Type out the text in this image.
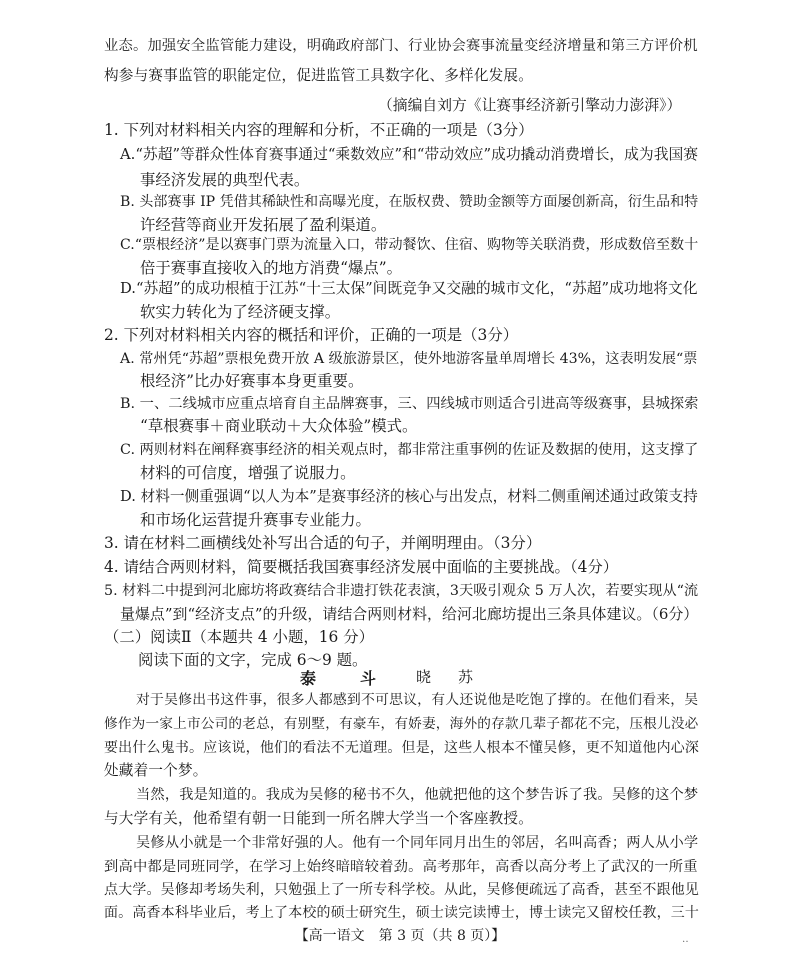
业态。加强安全监管能力建设，明确政府部门、行业协会赛事流量变经济增量和第三方评价机
构参与赛事监管的职能定位，促进监管工具数字化、多样化发展。
（摘编自刘方《让赛事经济新引擎动力澎湃》）
1. 下列对材料相关内容的理解和分析，不正确的一项是（3分）
A.“苏超”等群众性体育赛事通过“乘数效应”和“带动效应”成功撬动消费增长，成为我国赛
事经济发展的典型代表。
B. 头部赛事 IP 凭借其稀缺性和高曝光度，在版权费、赞助金额等方面屡创新高，衍生品和特
许经营等商业开发拓展了盈利渠道。
C.“票根经济”是以赛事门票为流量入口，带动餐饮、住宿、购物等关联消费，形成数倍至数十
倍于赛事直接收入的地方消费“爆点”。
D.“苏超”的成功根植于江苏“十三太保”间既竞争又交融的城市文化，“苏超”成功地将文化
软实力转化为了经济硬支撑。
2. 下列对材料相关内容的概括和评价，正确的一项是（3分）
A. 常州凭“苏超”票根免费开放 A 级旅游景区，使外地游客量单周增长 43%，这表明发展“票
根经济”比办好赛事本身更重要。
B. 一、二线城市应重点培育自主品牌赛事，三、四线城市则适合引进高等级赛事，县城探索
“草根赛事＋商业联动＋大众体验”模式。
C. 两则材料在阐释赛事经济的相关观点时，都非常注重事例的佐证及数据的使用，这支撑了
材料的可信度，增强了说服力。
D. 材料一侧重强调“以人为本”是赛事经济的核心与出发点，材料二侧重阐述通过政策支持
和市场化运营提升赛事专业能力。
3. 请在材料二画横线处补写出合适的句子，并阐明理由。（3分）
4. 请结合两则材料，简要概括我国赛事经济发展中面临的主要挑战。（4分）
5. 材料二中提到河北廊坊将政赛结合非遗打铁花表演，3天吸引观众 5 万人次，若要实现从“流
量爆点”到“经济支点”的升级，请结合两则材料，给河北廊坊提出三条具体建议。（6分）
（二）阅读Ⅱ（本题共 4 小题，16 分）
阅读下面的文字，完成 6～9 题。
泰　斗 晓　苏
对于吴修出书这件事，很多人都感到不可思议，有人还说他是吃饱了撑的。在他们看来，吴
修作为一家上市公司的老总，有别墅，有豪车，有娇妻，海外的存款几辈子都花不完，压根儿没必
要出什么鬼书。应该说，他们的看法不无道理。但是，这些人根本不懂吴修，更不知道他内心深
处藏着一个梦。
当然，我是知道的。我成为吴修的秘书不久，他就把他的这个梦告诉了我。吴修的这个梦
与大学有关，他希望有朝一日能到一所名牌大学当一个客座教授。
吴修从小就是一个非常好强的人。他有一个同年同月出生的邻居，名叫高香；两人从小学
到高中都是同班同学，在学习上始终暗暗较着劲。高考那年，高香以高分考上了武汉的一所重
点大学。吴修却考场失利，只勉强上了一所专科学校。从此，吴修便疏远了高香，甚至不跟他见
面。高香本科毕业后，考上了本校的硕士研究生，硕士读完读博士，博士读完又留校任教，三十
【高一语文　第 3 页（共 8 页）】	‥
